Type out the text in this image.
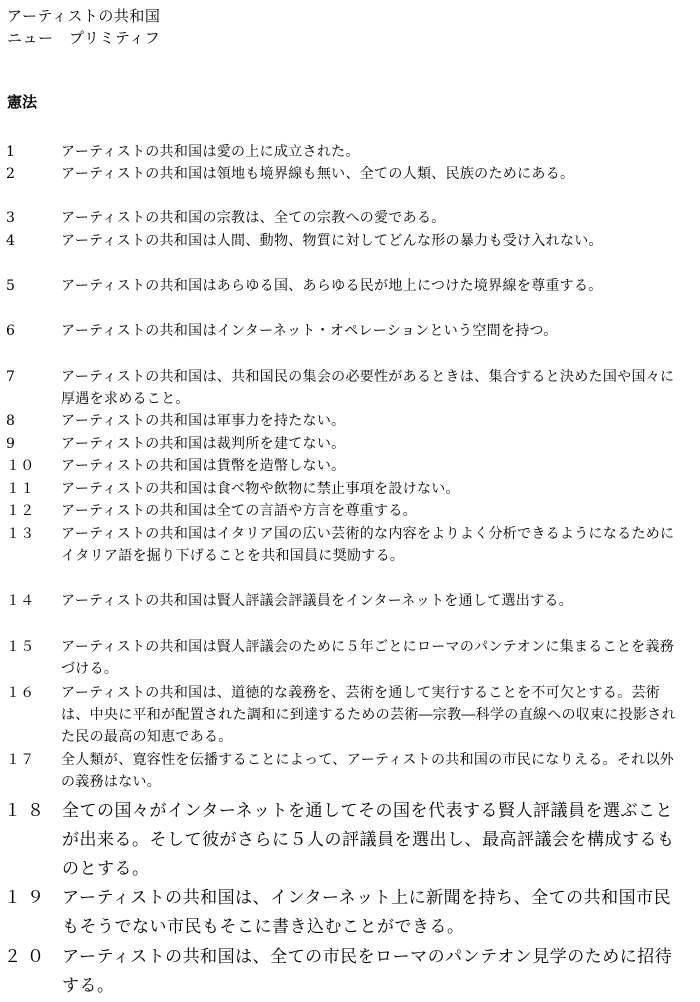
アーティストの共和国
ニュー　プリミティフ
憲法
1	アーティストの共和国は愛の上に成立された。
2	アーティストの共和国は領地も境界線も無い、全ての人類、民族のためにある。
3	アーティストの共和国の宗教は、全ての宗教への愛である。
4	アーティストの共和国は人間、動物、物質に対してどんな形の暴力も受け入れない。
5	アーティストの共和国はあらゆる国、あらゆる民が地上につけた境界線を尊重する。
6	アーティストの共和国はインターネット・オペレーションという空間を持つ。
7	アーティストの共和国は、共和国民の集会の必要性があるときは、集合すると決めた国や国々に厚遇を求めること。
8	アーティストの共和国は軍事力を持たない。
9	アーティストの共和国は裁判所を建てない。
１０	アーティストの共和国は貨幣を造幣しない。
１１	アーティストの共和国は食べ物や飲物に禁止事項を設けない。
１２	アーティストの共和国は全ての言語や方言を尊重する。
１３	アーティストの共和国はイタリア国の広い芸術的な内容をよりよく分析できるようになるためにイタリア語を掘り下げることを共和国員に奨励する。
１４	アーティストの共和国は賢人評議会評議員をインターネットを通して選出する。
１５	アーティストの共和国は賢人評議会のために５年ごとにローマのパンテオンに集まることを義務づける。
１６	アーティストの共和国は、道徳的な義務を、芸術を通して実行することを不可欠とする。芸術は、中央に平和が配置された調和に到達するための芸術―宗教―科学の直線への収束に投影された民の最高の知恵である。
１７	全人類が、寛容性を伝播することによって、アーティストの共和国の市民になりえる。それ以外の義務はない。
１８ 全ての国々がインターネットを通してその国を代表する賢人評議員を選ぶことが出来る。そして彼がさらに５人の評議員を選出し、最高評議会を構成するものとする。
１９ アーティストの共和国は、インターネット上に新聞を持ち、全ての共和国市民もそうでない市民もそこに書き込むことができる。
２０ アーティストの共和国は、全ての市民をローマのパンテオン見学のために招待する。
